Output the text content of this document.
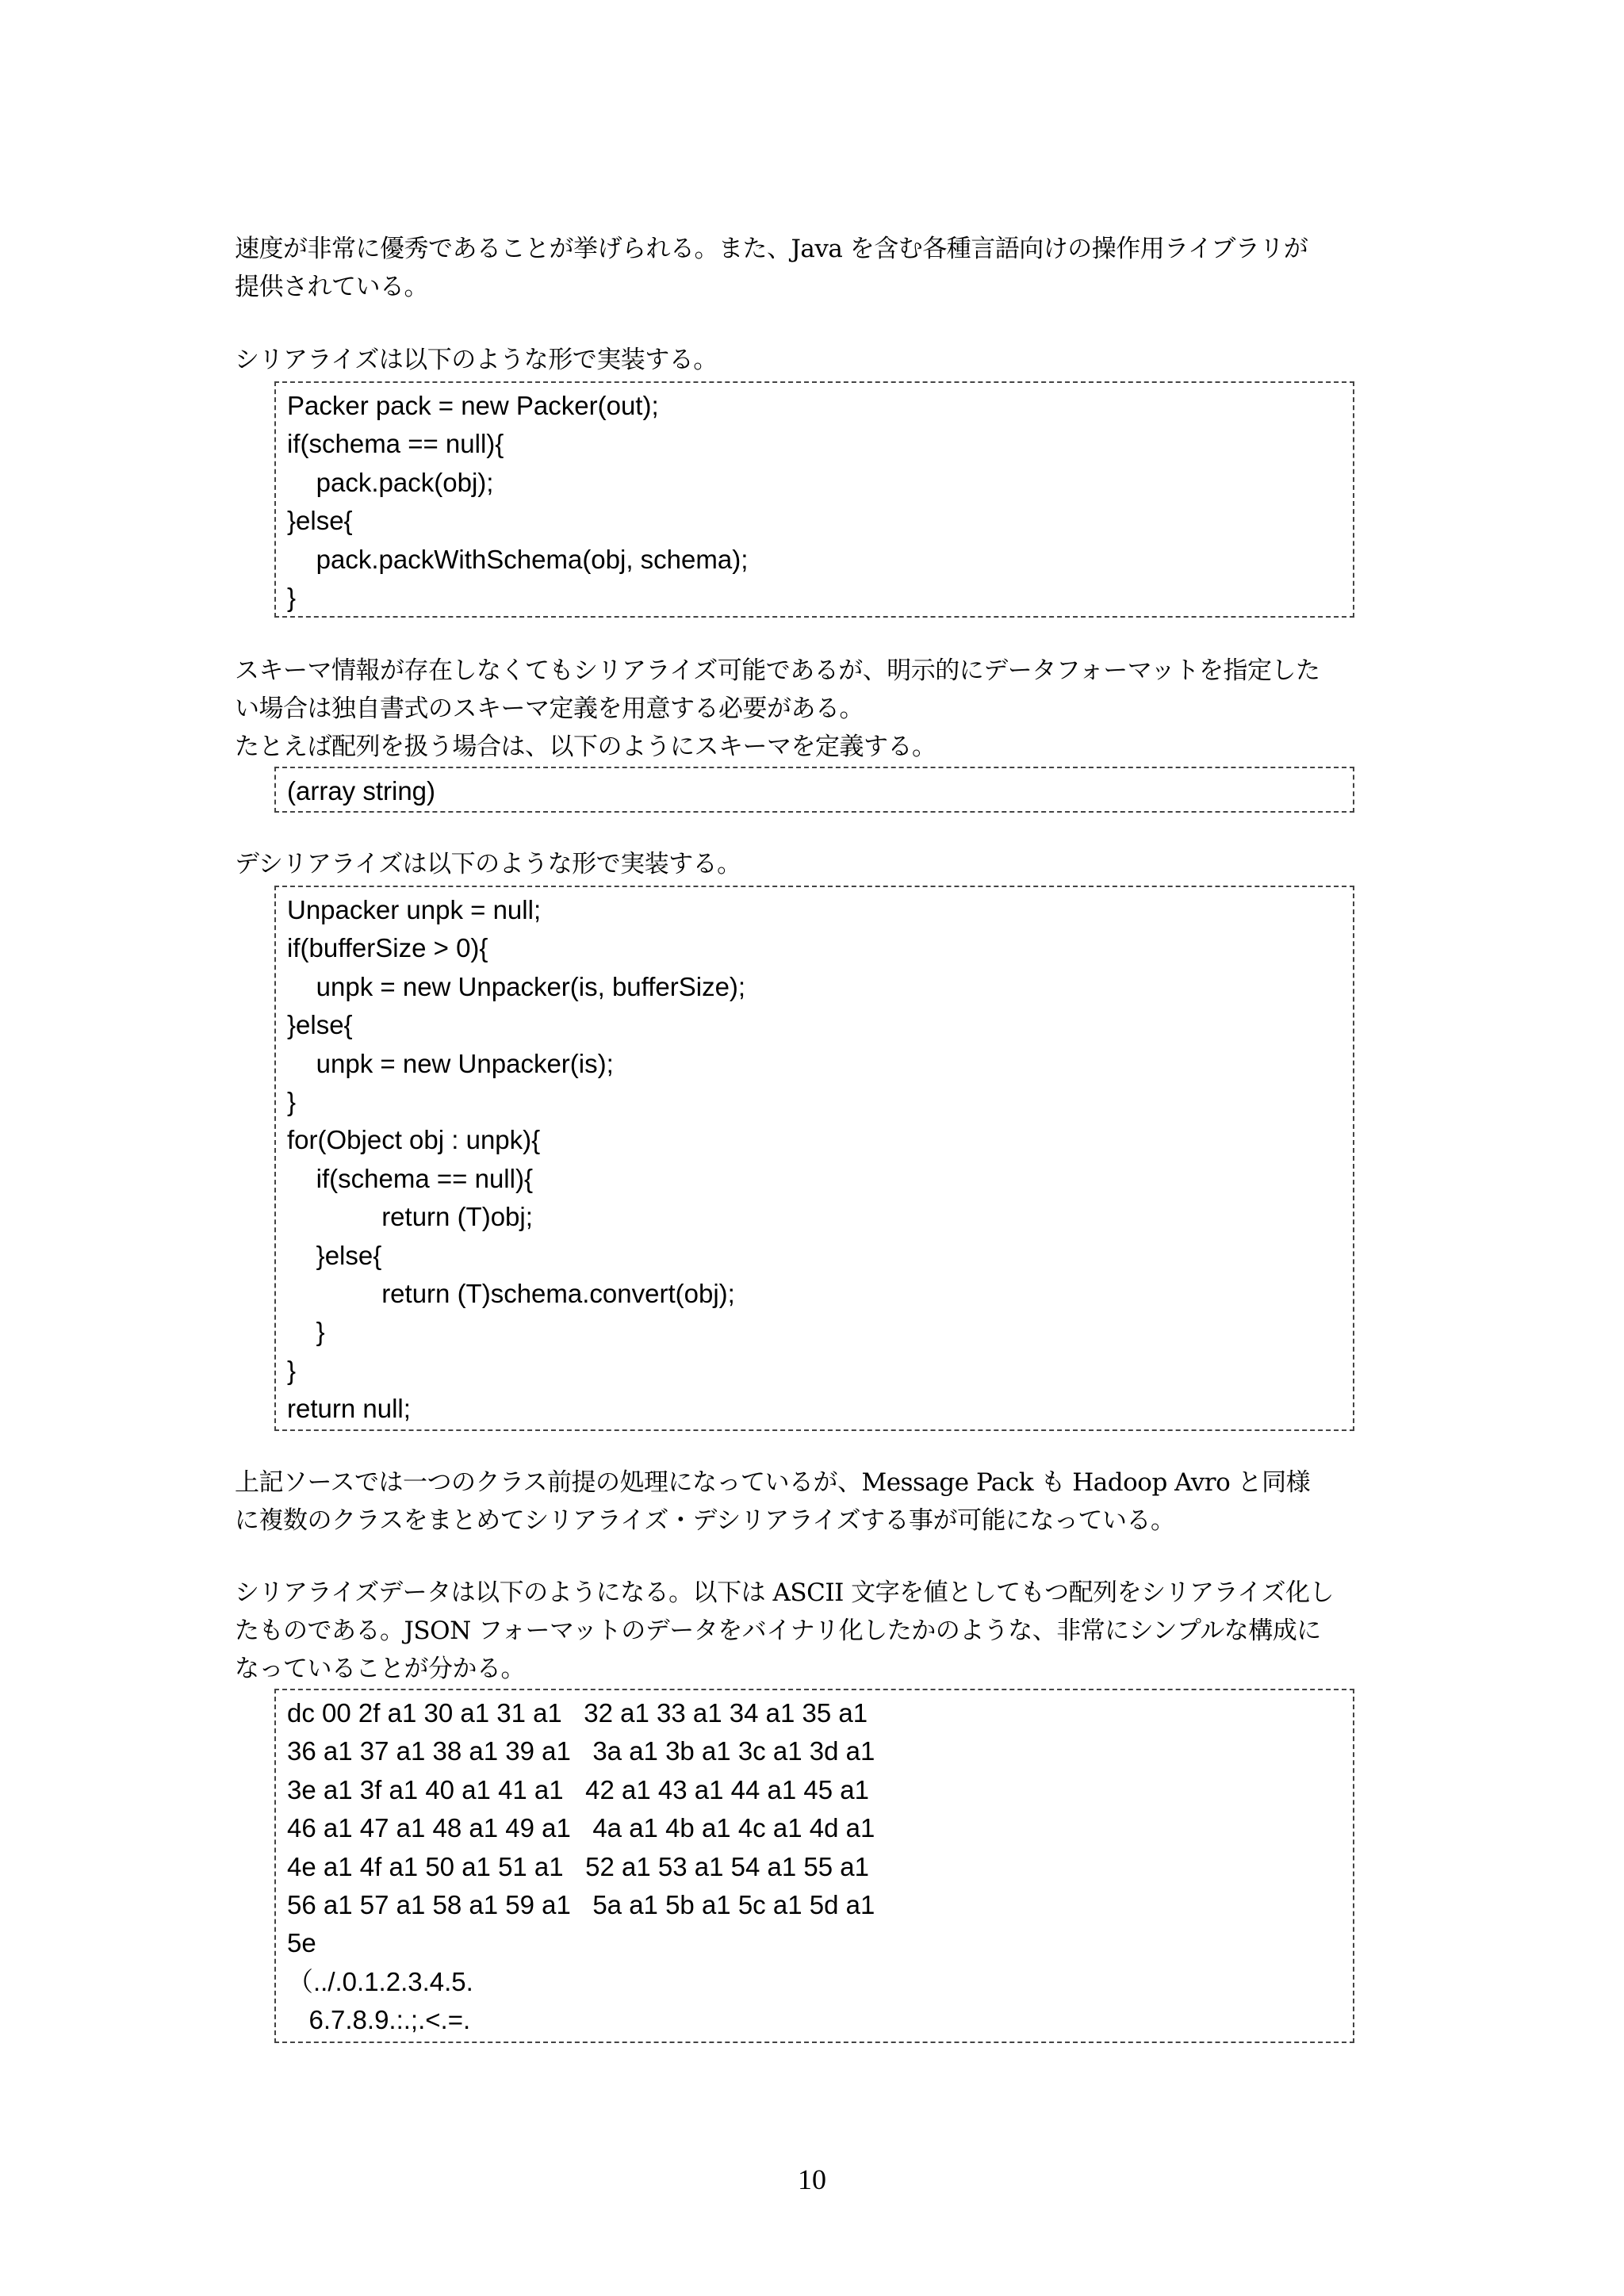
速度が非常に優秀であることが挙げられる。また、Java を含む各種言語向けの操作用ライブラリが
提供されている。

シリアライズは以下のような形で実装する。

Packer pack = new Packer(out);
if(schema == null){
pack.pack(obj);
}else{
pack.packWithSchema(obj, schema);
}

スキーマ情報が存在しなくてもシリアライズ可能であるが、明示的にデータフォーマットを指定した
い場合は独自書式のスキーマ定義を用意する必要がある。
たとえば配列を扱う場合は、以下のようにスキーマを定義する。

(array string)

デシリアライズは以下のような形で実装する。

Unpacker unpk = null;
if(bufferSize > 0){
unpk = new Unpacker(is, bufferSize);
}else{
unpk = new Unpacker(is);
}
for(Object obj : unpk){
if(schema == null){
return (T)obj;
}else{
return (T)schema.convert(obj);
}
}
return null;

上記ソースでは一つのクラス前提の処理になっているが、Message Pack も Hadoop Avro と同様
に複数のクラスをまとめてシリアライズ・デシリアライズする事が可能になっている。

シリアライズデータは以下のようになる。以下は ASCII 文字を値としてもつ配列をシリアライズ化し
たものである。JSON フォーマットのデータをバイナリ化したかのような、非常にシンプルな構成に
なっていることが分かる。

dc 00 2f a1 30 a1 31 a1   32 a1 33 a1 34 a1 35 a1
36 a1 37 a1 38 a1 39 a1   3a a1 3b a1 3c a1 3d a1
3e a1 3f a1 40 a1 41 a1   42 a1 43 a1 44 a1 45 a1
46 a1 47 a1 48 a1 49 a1   4a a1 4b a1 4c a1 4d a1
4e a1 4f a1 50 a1 51 a1   52 a1 53 a1 54 a1 55 a1
56 a1 57 a1 58 a1 59 a1   5a a1 5b a1 5c a1 5d a1
5e
（../.0.1.2.3.4.5.
6.7.8.9.:.;.<.=.
10
